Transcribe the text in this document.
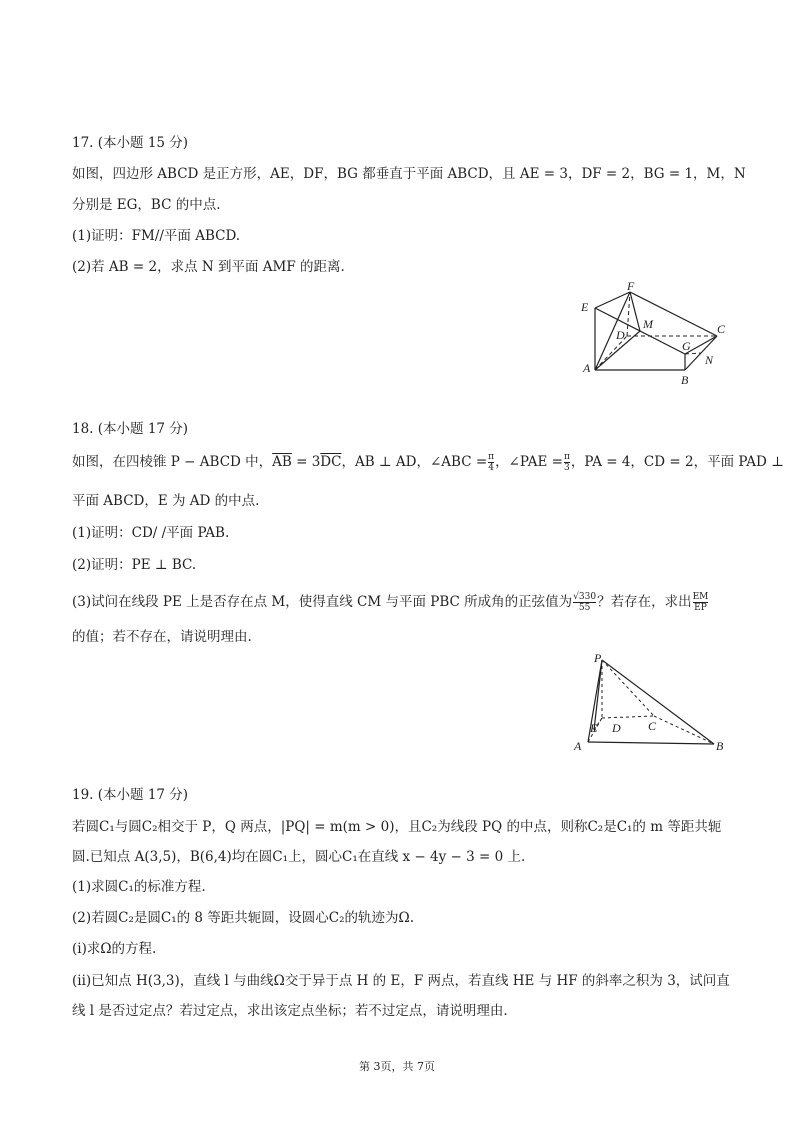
17. (本小题 15 分)
如图，四边形 ABCD 是正方形，AE，DF，BG 都垂直于平面 ABCD，且 AE = 3，DF = 2，BG = 1，M，N
分别是 EG，BC 的中点.
(1)证明：FM//平面 ABCD.
(2)若 AB = 2，求点 N 到平面 AMF 的距离.
E
F
D
M	C
G
N
A
B
18. (本小题 17 分)
如图，在四棱锥 P − ABCD 中，$\overline{AB} = 3\overline{DC}$，AB ⊥ AD，∠ABC = $\frac{\pi}{4}$ ，∠PAE = $\frac{\pi}{3}$ ，PA = 4，CD = 2，平面 PAD ⊥
平面 ABCD，E 为 AD 的中点.
(1)证明：CD/ /平面 PAB.
(2)证明：PE ⊥ BC.
(3)试问在线段 PE 上是否存在点 M，使得直线 CM 与平面 PBC 所成角的正弦值为 $\frac{√330}{55}$ ？若存在，求出 $\frac{EM}{EP}$
的值；若不存在，请说明理由.
P
E D C
A	B
19. (本小题 17 分)
若圆C₁与圆C₂相交于 P，Q 两点，|PQ| = m(m > 0)，且C₂为线段 PQ 的中点，则称C₂是C₁的 m 等距共轭
圆.已知点 A(3,5)，B(6,4)均在圆C₁上，圆心C₁在直线 x − 4y − 3 = 0 上.
(1)求圆C₁的标准方程.
(2)若圆C₂是圆C₁的 8 等距共轭圆，设圆心C₂的轨迹为Ω.
(i)求Ω的方程.
(ii)已知点 H(3,3)，直线 l 与曲线Ω交于异于点 H 的 E，F 两点，若直线 HE 与 HF 的斜率之积为 3，试问直
线 l 是否过定点？若过定点，求出该定点坐标；若不过定点，请说明理由.
第 3页，共 7页
